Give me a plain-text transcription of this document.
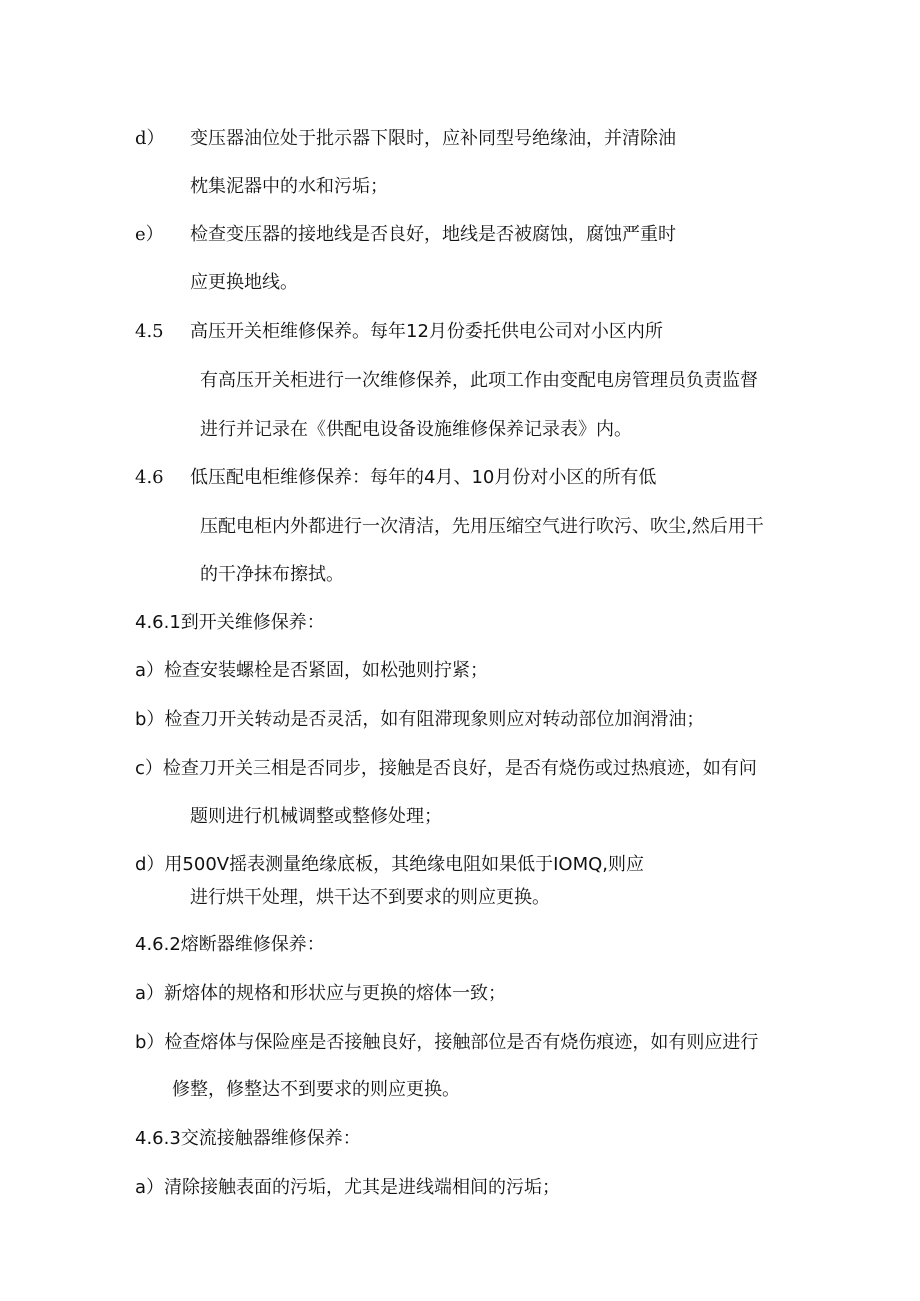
d） 变压器油位处于批示器下限时，应补同型号绝缘油，并清除油
枕集泥器中的水和污垢；
e） 检查变压器的接地线是否良好，地线是否被腐蚀，腐蚀严重时
应更换地线。
4.5 高压开关柜维修保养。每年12月份委托供电公司对小区内所
有高压开关柜进行一次维修保养，此项工作由变配电房管理员负责监督
进行并记录在《供配电设备设施维修保养记录表》内。
4.6 低压配电柜维修保养：每年的4月、10月份对小区的所有低
压配电柜内外都进行一次清洁，先用压缩空气进行吹污、吹尘,然后用干
的干净抹布擦拭。
4.6.1到开关维修保养：
a）检查安装螺栓是否紧固，如松弛则拧紧；
b）检查刀开关转动是否灵活，如有阻滞现象则应对转动部位加润滑油；
c）检查刀开关三相是否同步，接触是否良好，是否有烧伤或过热痕迹，如有问
题则进行机械调整或整修处理；
d）用500V摇表测量绝缘底板，其绝缘电阻如果低于IOMQ,则应
进行烘干处理，烘干达不到要求的则应更换。
4.6.2熔断器维修保养：
a）新熔体的规格和形状应与更换的熔体一致；
b）检查熔体与保险座是否接触良好，接触部位是否有烧伤痕迹，如有则应进行
修整，修整达不到要求的则应更换。
4.6.3交流接触器维修保养：
a）清除接触表面的污垢，尤其是进线端相间的污垢；
